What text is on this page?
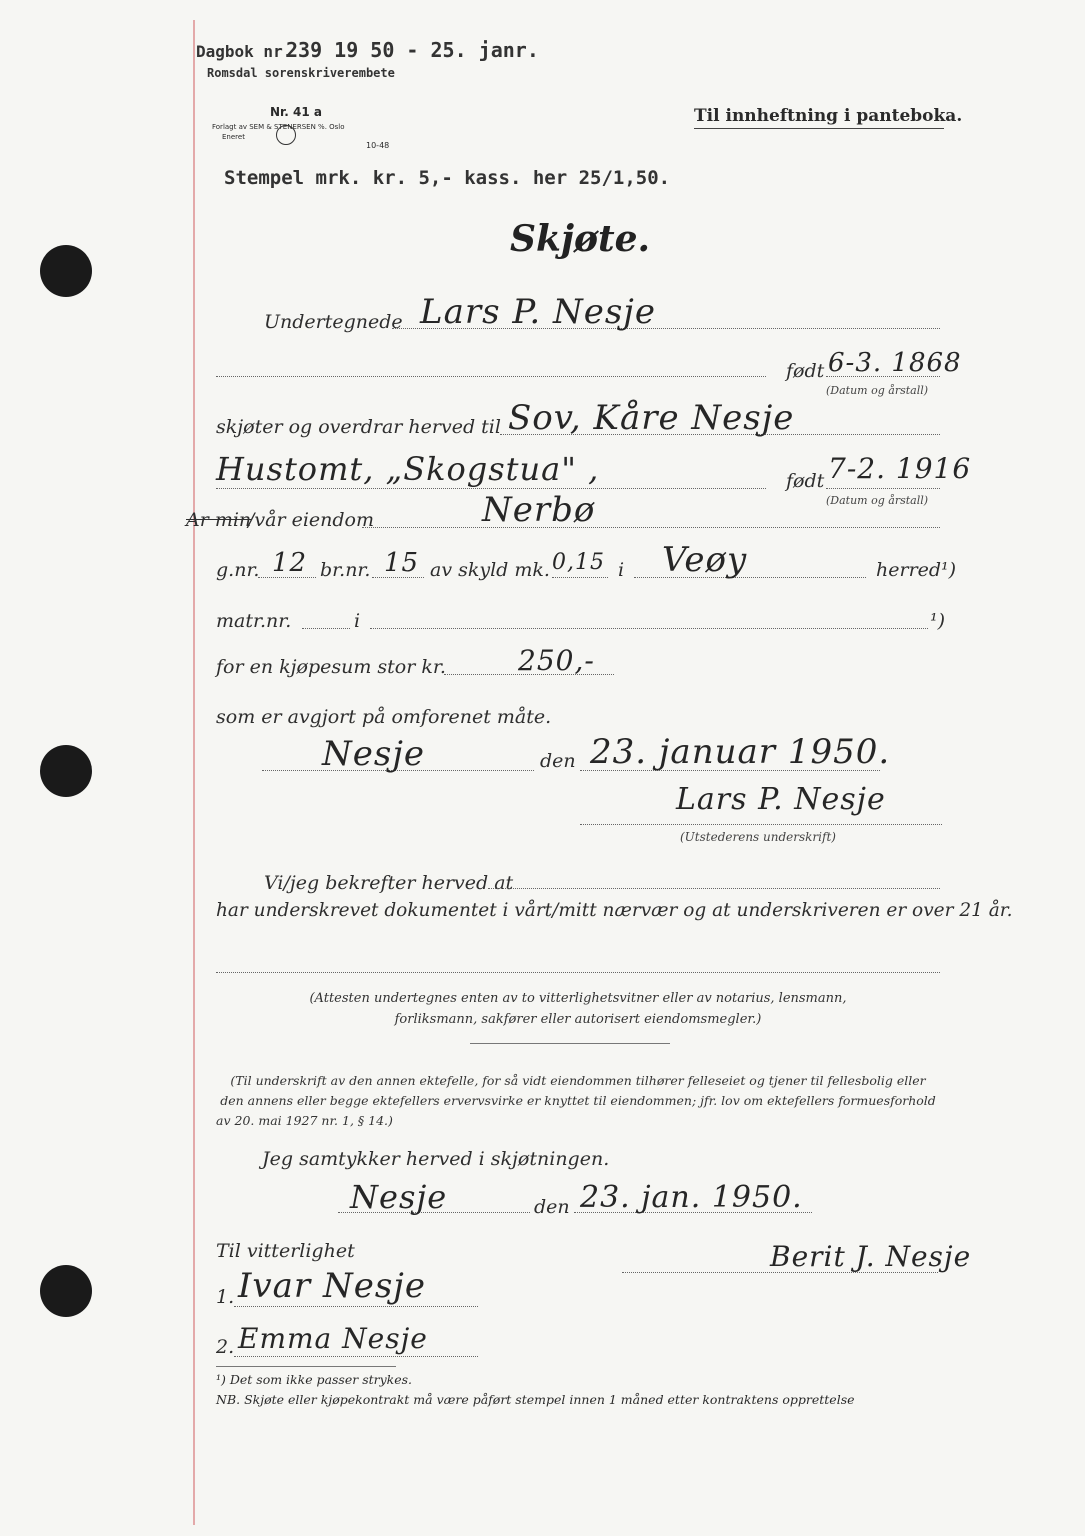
Dagbok nr.
239 19 50 - 25. janr.
Romsdal sorenskriverembete
Nr. 41 a
Forlagt av SEM & STENERSEN %. Oslo
Eneret
10-48
Til innheftning i panteboka.
Stempel mrk. kr. 5,- kass. her 25/1,50.
Skjøte.
Undertegnede Lars P. Nesje
født 6-3. 1868
(Datum og årstall)
skjøter og overdrar herved til Sov, Kåre Nesje
Hustomt, „Skogstua" ,	født 7-2. 1916
(Datum og årstall)
Ar min
/vår eiendom	Nerbø
g.nr. 12 br.nr. 15 av skyld mk. 0,15 i Veøy	herred¹)
matr.nr.	i	¹)
for en kjøpesum stor kr.	250,-
som er avgjort på omforenet måte.
Nesje	den 23. januar 1950.
Lars P. Nesje
(Utstederens underskrift)
Vi/jeg bekrefter herved at
har underskrevet dokumentet i vårt/mitt nærvær og at underskriveren er over 21 år.
(Attesten undertegnes enten av to vitterlighetsvitner eller av notarius, lensmann,
forliksmann, sakfører eller autorisert eiendomsmegler.)
(Til underskrift av den annen ektefelle, for så vidt eiendommen tilhører felleseiet og tjener til fellesbolig eller
den annens eller begge ektefellers ervervsvirke er knyttet til eiendommen; jfr. lov om ektefellers formuesforhold
av 20. mai 1927 nr. 1, § 14.)
Jeg samtykker herved i skjøtningen.
Nesje	den 23. jan. 1950.
Til vitterlighet	Berit J. Nesje
1. Ivar Nesje
2. Emma Nesje
¹) Det som ikke passer strykes.
NB. Skjøte eller kjøpekontrakt må være påført stempel innen 1 måned etter kontraktens opprettelse
